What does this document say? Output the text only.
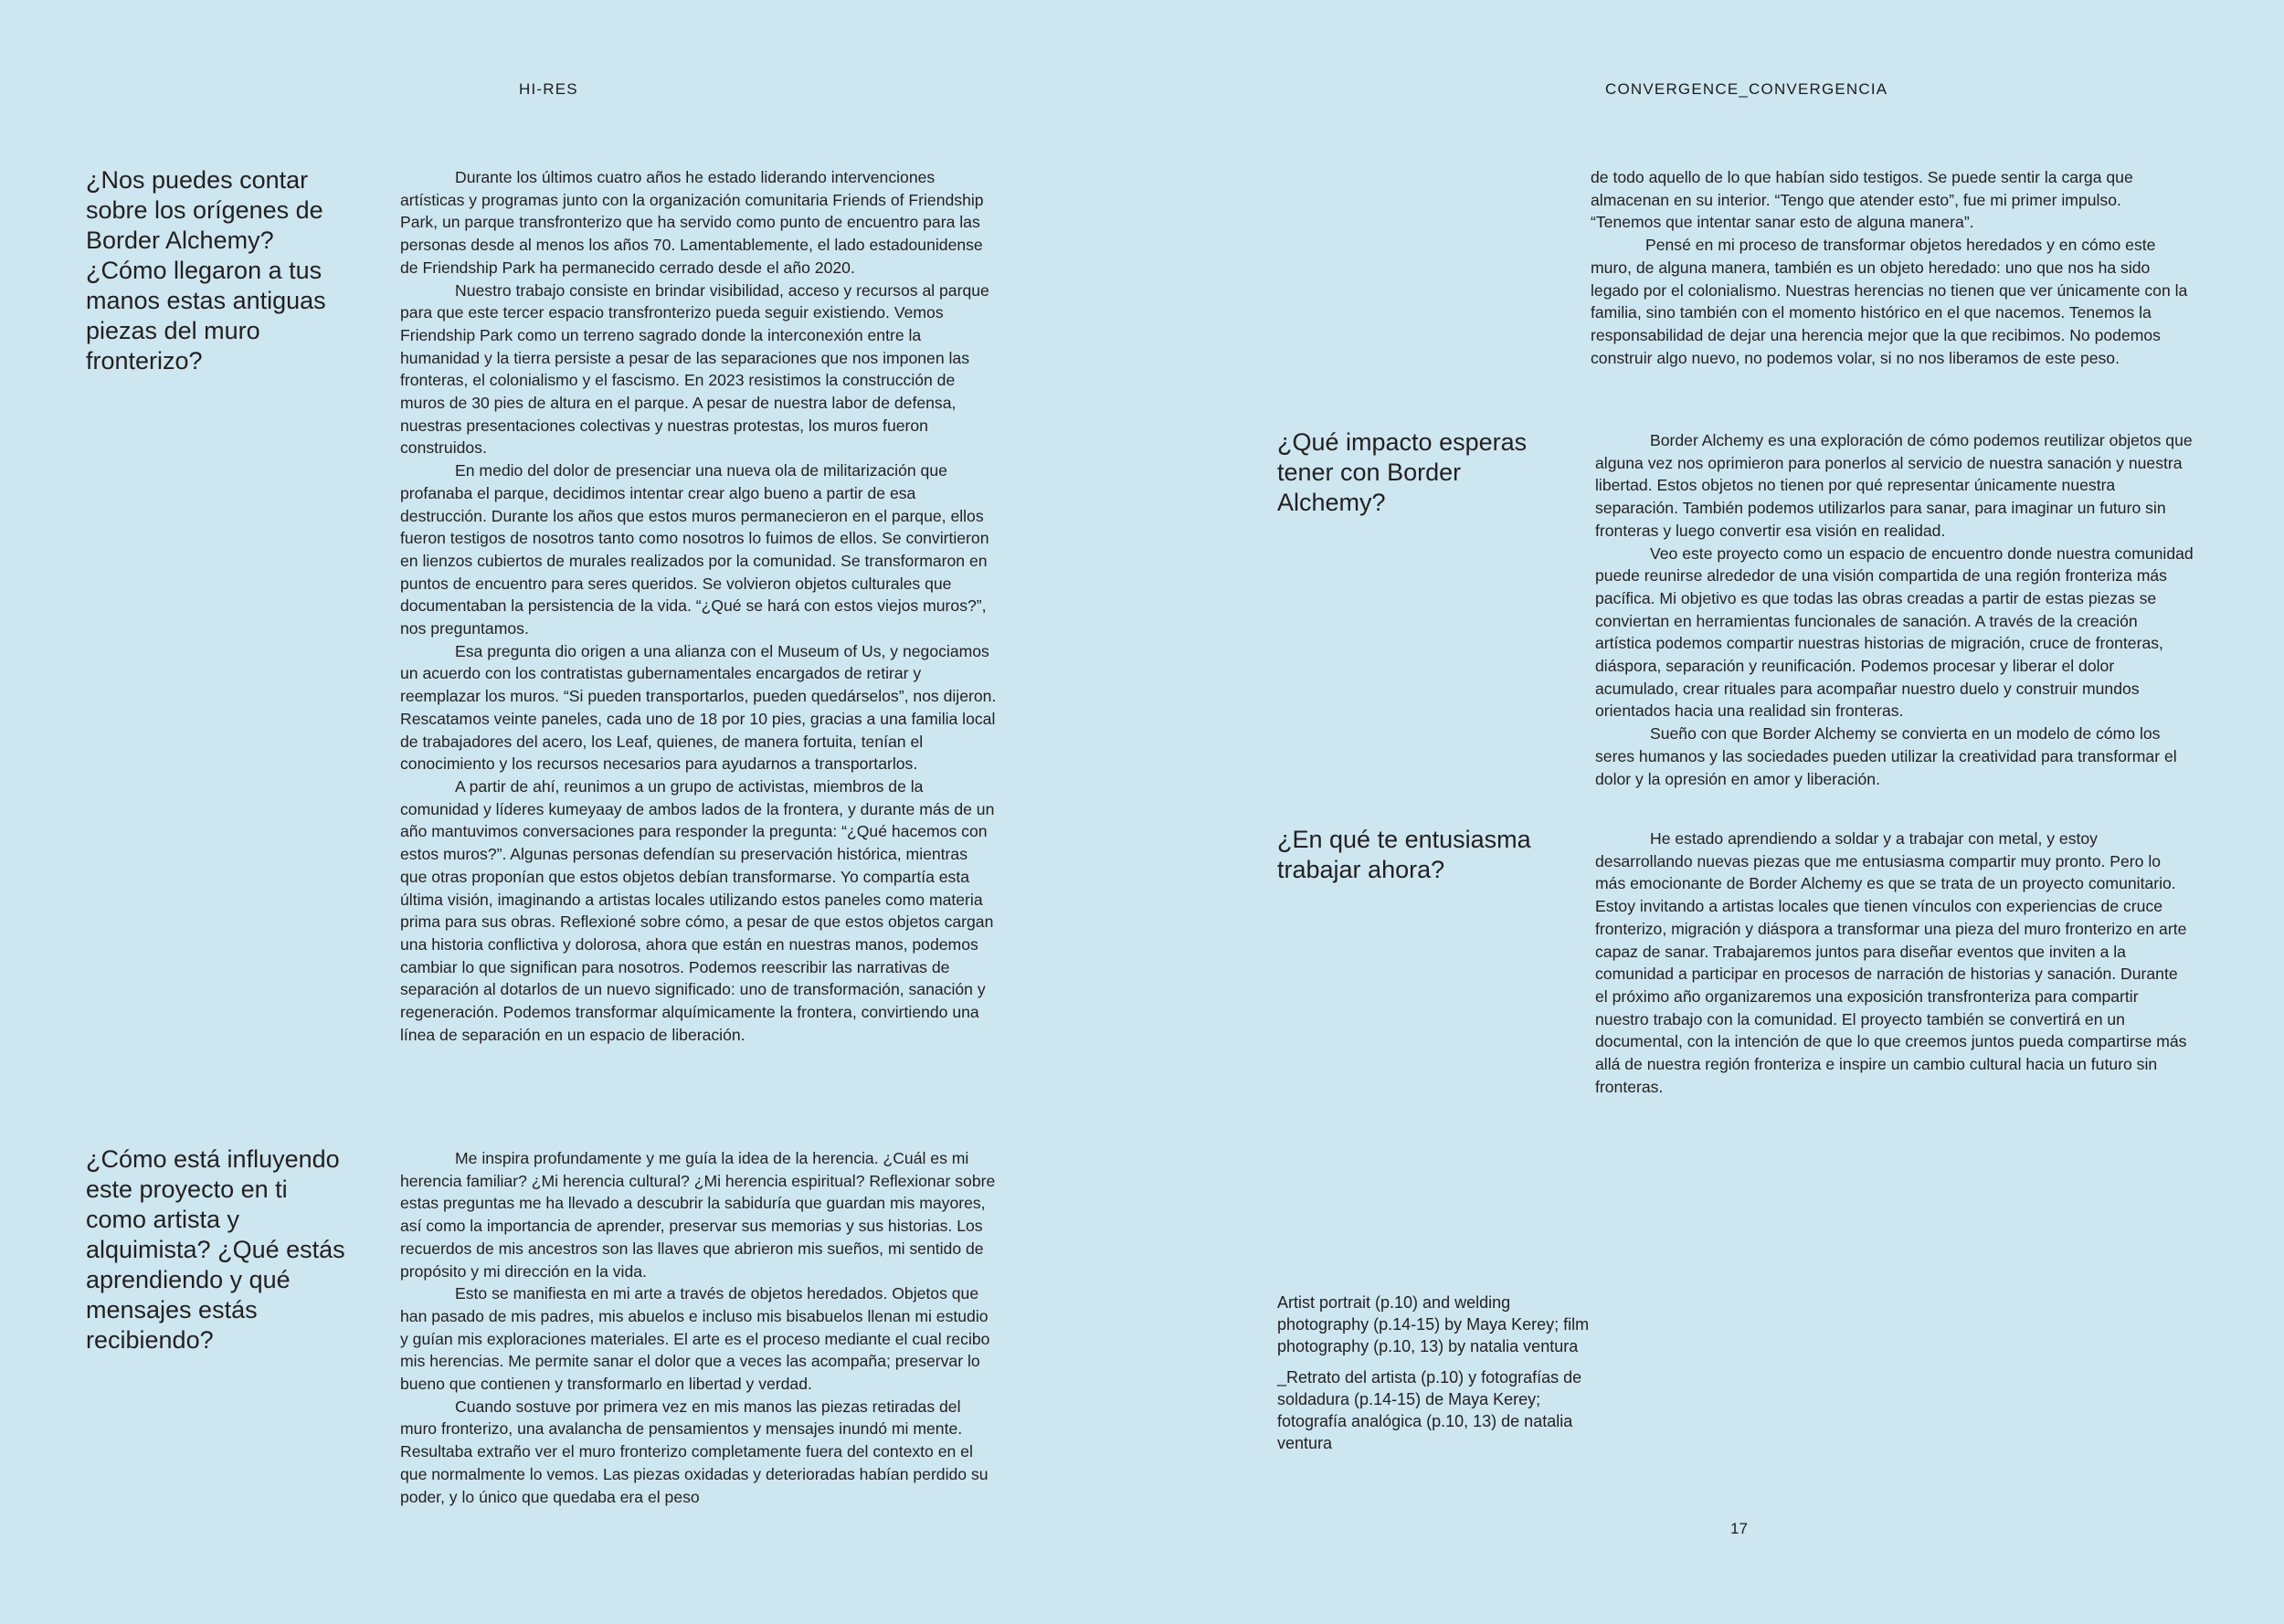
HI-RES	CONVERGENCE_CONVERGENCIA
¿Nos puedes contar sobre los orígenes de Border Alchemy? ¿Cómo llegaron a tus manos estas antiguas piezas del muro fronterizo?

Durante los últimos cuatro años he estado liderando intervenciones artísticas y programas junto con la organización comunitaria Friends of Friendship Park, un parque transfronterizo que ha servido como punto de encuentro para las personas desde al menos los años 70. Lamentablemente, el lado estadounidense de Friendship Park ha permanecido cerrado desde el año 2020.

Nuestro trabajo consiste en brindar visibilidad, acceso y recursos al parque para que este tercer espacio transfronterizo pueda seguir existiendo. Vemos Friendship Park como un terreno sagrado donde la interconexión entre la humanidad y la tierra persiste a pesar de las separaciones que nos imponen las fronteras, el colonialismo y el fascismo. En 2023 resistimos la construcción de muros de 30 pies de altura en el parque. A pesar de nuestra labor de defensa, nuestras presentaciones colectivas y nuestras protestas, los muros fueron construidos.

En medio del dolor de presenciar una nueva ola de militarización que profanaba el parque, decidimos intentar crear algo bueno a partir de esa destrucción. Durante los años que estos muros permanecieron en el parque, ellos fueron testigos de nosotros tanto como nosotros lo fuimos de ellos. Se convirtieron en lienzos cubiertos de murales realizados por la comunidad. Se transformaron en puntos de encuentro para seres queridos. Se volvieron objetos culturales que documentaban la persistencia de la vida. “¿Qué se hará con estos viejos muros?”, nos preguntamos.

Esa pregunta dio origen a una alianza con el Museum of Us, y negociamos un acuerdo con los contratistas gubernamentales encargados de retirar y reemplazar los muros. “Si pueden transportarlos, pueden quedárselos”, nos dijeron. Rescatamos veinte paneles, cada uno de 18 por 10 pies, gracias a una familia local de trabajadores del acero, los Leaf, quienes, de manera fortuita, tenían el conocimiento y los recursos necesarios para ayudarnos a transportarlos.

A partir de ahí, reunimos a un grupo de activistas, miembros de la comunidad y líderes kumeyaay de ambos lados de la frontera, y durante más de un año mantuvimos conversaciones para responder la pregunta: “¿Qué hacemos con estos muros?”. Algunas personas defendían su preservación histórica, mientras que otras proponían que estos objetos debían transformarse. Yo compartía esta última visión, imaginando a artistas locales utilizando estos paneles como materia prima para sus obras. Reflexioné sobre cómo, a pesar de que estos objetos cargan una historia conflictiva y dolorosa, ahora que están en nuestras manos, podemos cambiar lo que significan para nosotros. Podemos reescribir las narrativas de separación al dotarlos de un nuevo significado: uno de transformación, sanación y regeneración. Podemos transformar alquímicamente la frontera, convirtiendo una línea de separación en un espacio de liberación.

¿Cómo está influyendo este proyecto en ti como artista y alquimista? ¿Qué estás aprendiendo y qué mensajes estás recibiendo?

Me inspira profundamente y me guía la idea de la herencia. ¿Cuál es mi herencia familiar? ¿Mi herencia cultural? ¿Mi herencia espiritual? Reflexionar sobre estas preguntas me ha llevado a descubrir la sabiduría que guardan mis mayores, así como la importancia de aprender, preservar sus memorias y sus historias. Los recuerdos de mis ancestros son las llaves que abrieron mis sueños, mi sentido de propósito y mi dirección en la vida.

Esto se manifiesta en mi arte a través de objetos heredados. Objetos que han pasado de mis padres, mis abuelos e incluso mis bisabuelos llenan mi estudio y guían mis exploraciones materiales. El arte es el proceso mediante el cual recibo mis herencias. Me permite sanar el dolor que a veces las acompaña; preservar lo bueno que contienen y transformarlo en libertad y verdad.

Cuando sostuve por primera vez en mis manos las piezas retiradas del muro fronterizo, una avalancha de pensamientos y mensajes inundó mi mente. Resultaba extraño ver el muro fronterizo completamente fuera del contexto en el que normalmente lo vemos. Las piezas oxidadas y deterioradas habían perdido su poder, y lo único que quedaba era el peso

de todo aquello de lo que habían sido testigos. Se puede sentir la carga que almacenan en su interior. “Tengo que atender esto”, fue mi primer impulso. “Tenemos que intentar sanar esto de alguna manera”.

Pensé en mi proceso de transformar objetos heredados y en cómo este muro, de alguna manera, también es un objeto heredado: uno que nos ha sido legado por el colonialismo. Nuestras herencias no tienen que ver únicamente con la familia, sino también con el momento histórico en el que nacemos. Tenemos la responsabilidad de dejar una herencia mejor que la que recibimos. No podemos construir algo nuevo, no podemos volar, si no nos liberamos de este peso.

¿Qué impacto esperas tener con Border Alchemy?

Border Alchemy es una exploración de cómo podemos reutilizar objetos que alguna vez nos oprimieron para ponerlos al servicio de nuestra sanación y nuestra libertad. Estos objetos no tienen por qué representar únicamente nuestra separación. También podemos utilizarlos para sanar, para imaginar un futuro sin fronteras y luego convertir esa visión en realidad.

Veo este proyecto como un espacio de encuentro donde nuestra comunidad puede reunirse alrededor de una visión compartida de una región fronteriza más pacífica. Mi objetivo es que todas las obras creadas a partir de estas piezas se conviertan en herramientas funcionales de sanación. A través de la creación artística podemos compartir nuestras historias de migración, cruce de fronteras, diáspora, separación y reunificación. Podemos procesar y liberar el dolor acumulado, crear rituales para acompañar nuestro duelo y construir mundos orientados hacia una realidad sin fronteras.

Sueño con que Border Alchemy se convierta en un modelo de cómo los seres humanos y las sociedades pueden utilizar la creatividad para transformar el dolor y la opresión en amor y liberación.

¿En qué te entusiasma trabajar ahora?

He estado aprendiendo a soldar y a trabajar con metal, y estoy desarrollando nuevas piezas que me entusiasma compartir muy pronto. Pero lo más emocionante de Border Alchemy es que se trata de un proyecto comunitario. Estoy invitando a artistas locales que tienen vínculos con experiencias de cruce fronterizo, migración y diáspora a transformar una pieza del muro fronterizo en arte capaz de sanar. Trabajaremos juntos para diseñar eventos que inviten a la comunidad a participar en procesos de narración de historias y sanación. Durante el próximo año organizaremos una exposición transfronteriza para compartir nuestro trabajo con la comunidad. El proyecto también se convertirá en un documental, con la intención de que lo que creemos juntos pueda compartirse más allá de nuestra región fronteriza e inspire un cambio cultural hacia un futuro sin fronteras.

Artist portrait (p.10) and welding photography (p.14-15) by Maya Kerey; film photography (p.10, 13) by natalia ventura

_Retrato del artista (p.10) y fotografías de soldadura (p.14-15) de Maya Kerey; fotografía analógica (p.10, 13) de natalia ventura

17
